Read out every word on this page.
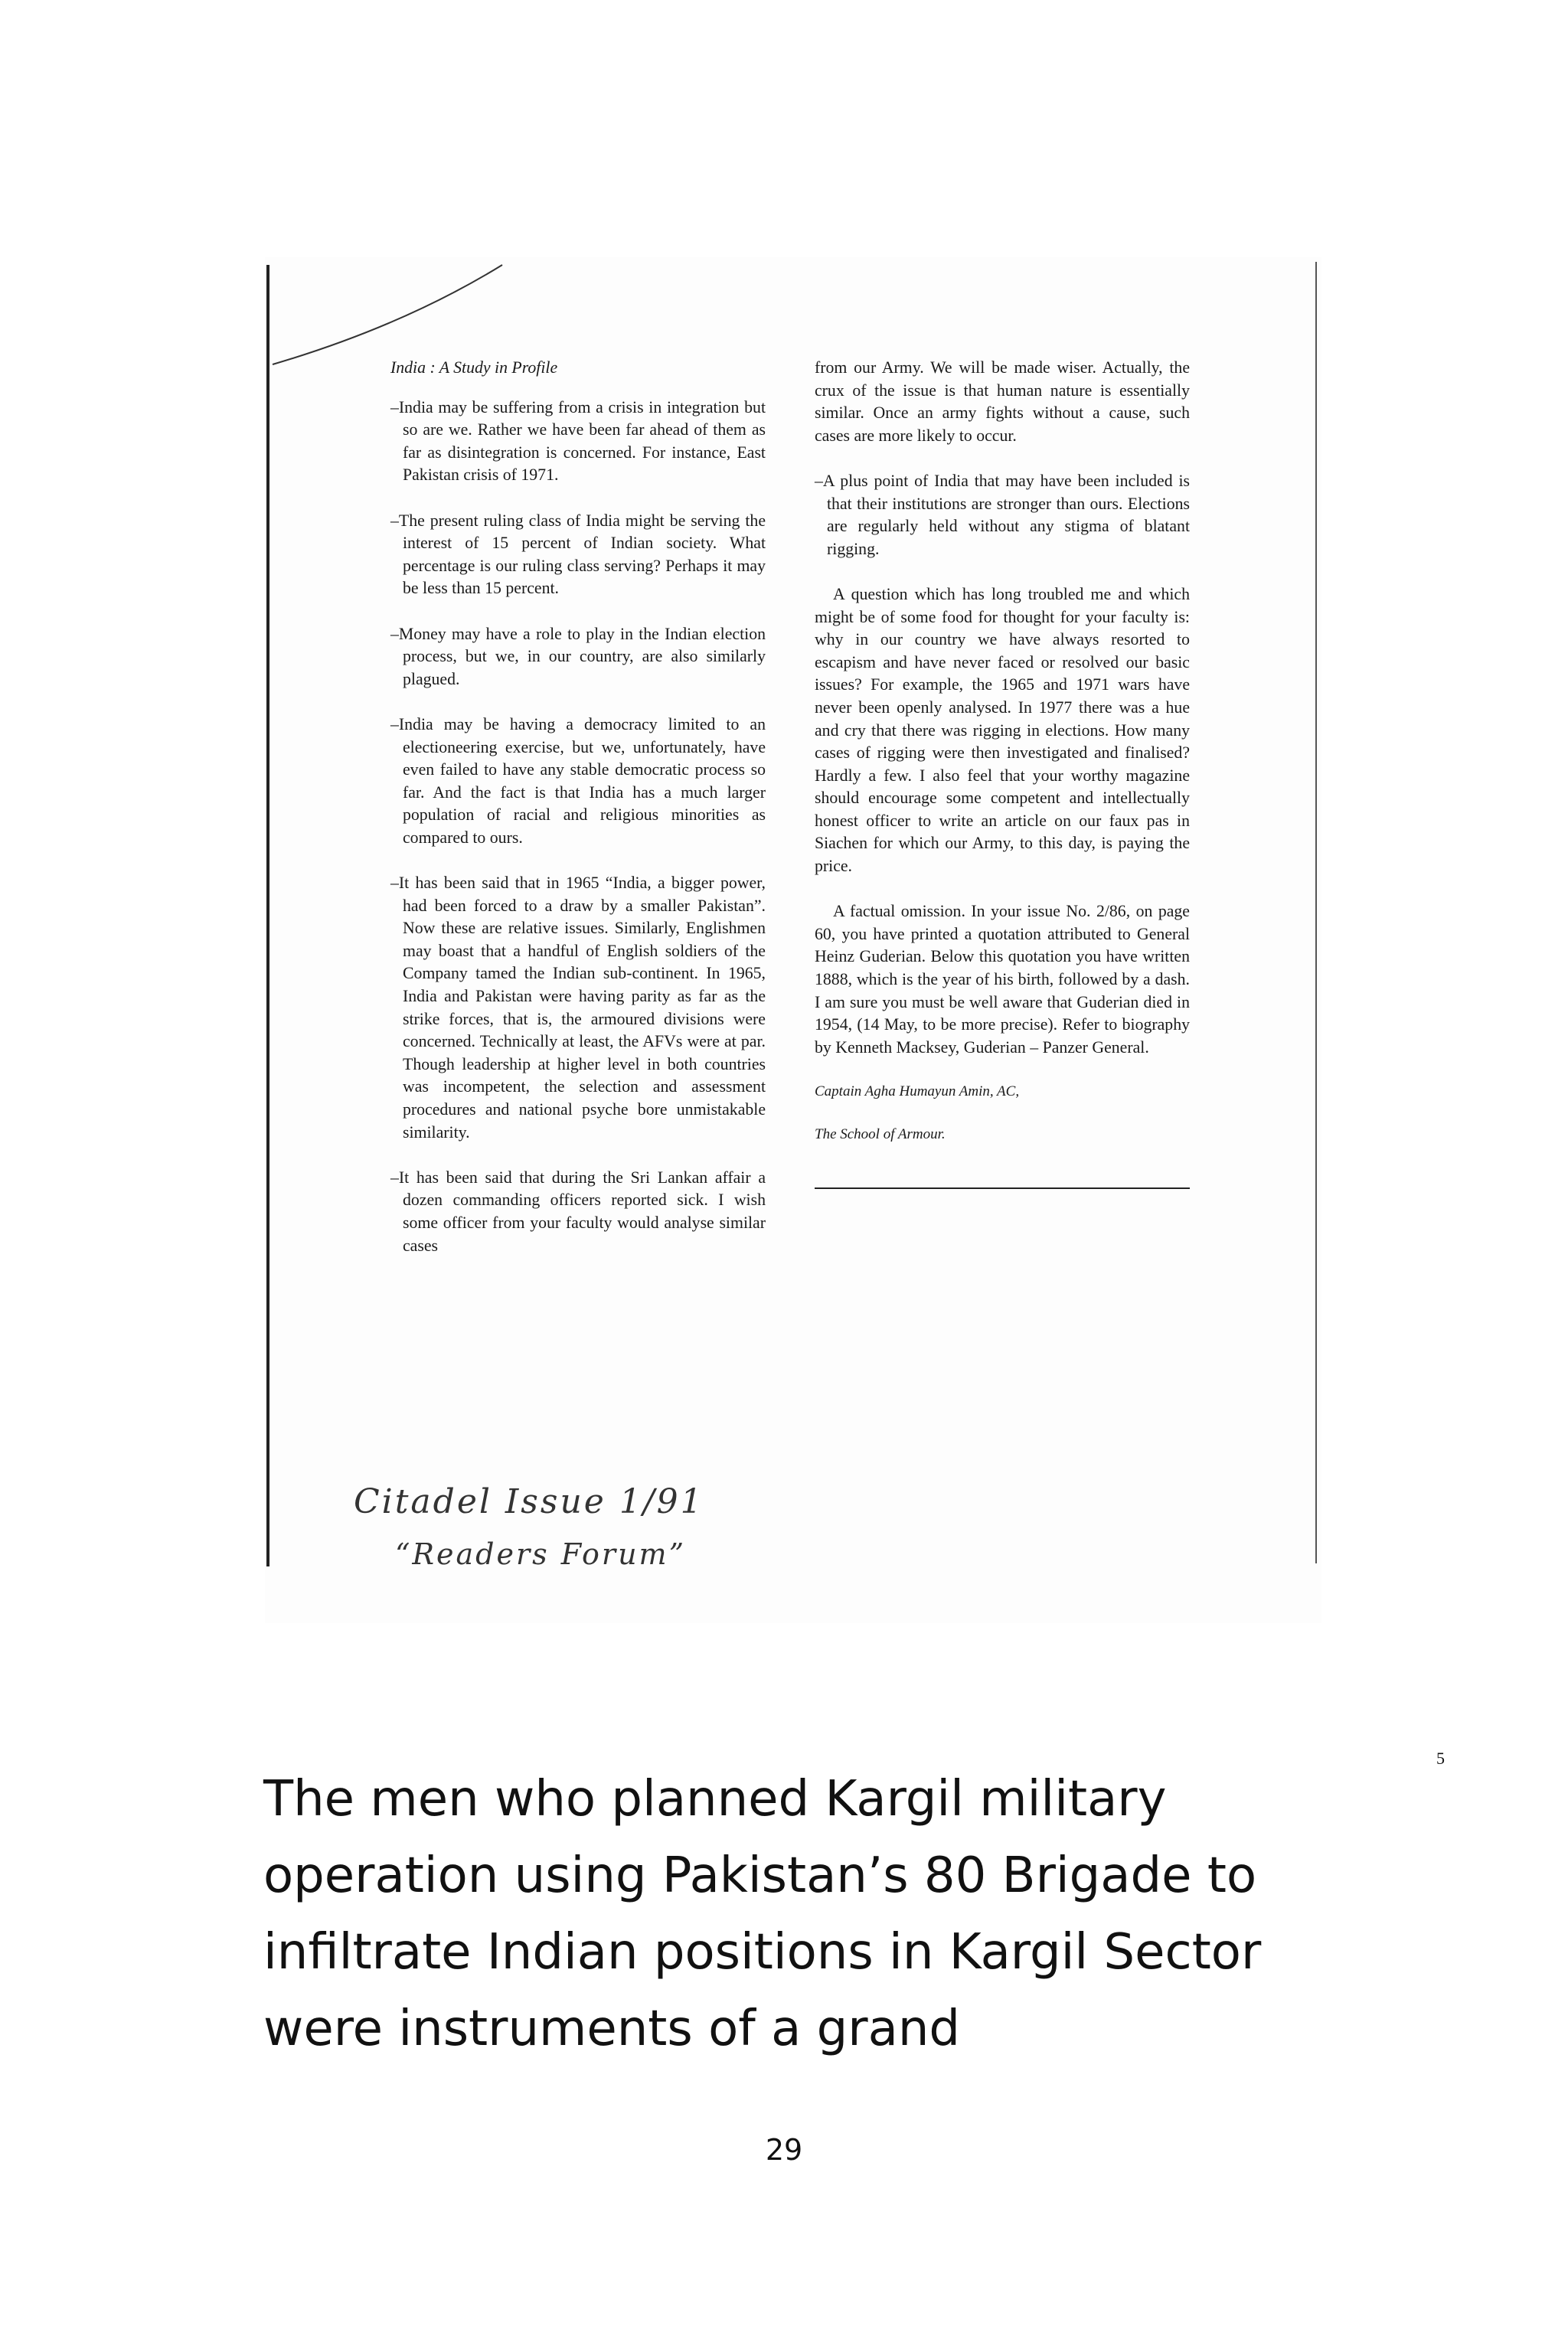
India : A Study in Profile

–India may be suffering from a crisis in integration but so are we. Rather we have been far ahead of them as far as disintegration is concerned. For instance, East Pakistan crisis of 1971.

–The present ruling class of India might be serving the interest of 15 percent of Indian society. What percentage is our ruling class serving? Perhaps it may be less than 15 percent.

–Money may have a role to play in the Indian election process, but we, in our country, are also similarly plagued.

–India may be having a democracy limited to an electioneering exercise, but we, unfortunately, have even failed to have any stable democratic process so far. And the fact is that India has a much larger population of racial and religious minorities as compared to ours.

–It has been said that in 1965 “India, a bigger power, had been forced to a draw by a smaller Pakistan”. Now these are relative issues. Similarly, Englishmen may boast that a handful of English soldiers of the Company tamed the Indian sub-continent. In 1965, India and Pakistan were having parity as far as the strike forces, that is, the armoured divisions were concerned. Technically at least, the AFVs were at par. Though leadership at higher level in both countries was incompetent, the selection and assessment procedures and national psyche bore unmistakable similarity.

–It has been said that during the Sri Lankan affair a dozen commanding officers reported sick. I wish some officer from your faculty would analyse similar cases

from our Army. We will be made wiser. Actually, the crux of the issue is that human nature is essentially similar. Once an army fights without a cause, such cases are more likely to occur.

–A plus point of India that may have been included is that their institutions are stronger than ours. Elections are regularly held without any stigma of blatant rigging.

A question which has long troubled me and which might be of some food for thought for your faculty is: why in our country we have always resorted to escapism and have never faced or resolved our basic issues? For example, the 1965 and 1971 wars have never been openly analysed. In 1977 there was a hue and cry that there was rigging in elections. How many cases of rigging were then investigated and finalised? Hardly a few. I also feel that your worthy magazine should encourage some competent and intellectually honest officer to write an article on our faux pas in Siachen for which our Army, to this day, is paying the price.

A factual omission. In your issue No. 2/86, on page 60, you have printed a quotation attributed to General Heinz Guderian. Below this quotation you have written 1888, which is the year of his birth, followed by a dash. I am sure you must be well aware that Guderian died in 1954, (14 May, to be more precise). Refer to biography by Kenneth Macksey, Guderian – Panzer General.

Captain Agha Humayun Amin, AC,

The School of Armour.

5
Citadel Issue 1/91
“Readers Forum”
The men who planned Kargil military operation using Pakistan’s 80 Brigade to infiltrate Indian positions in Kargil Sector were instruments of a grand
29
